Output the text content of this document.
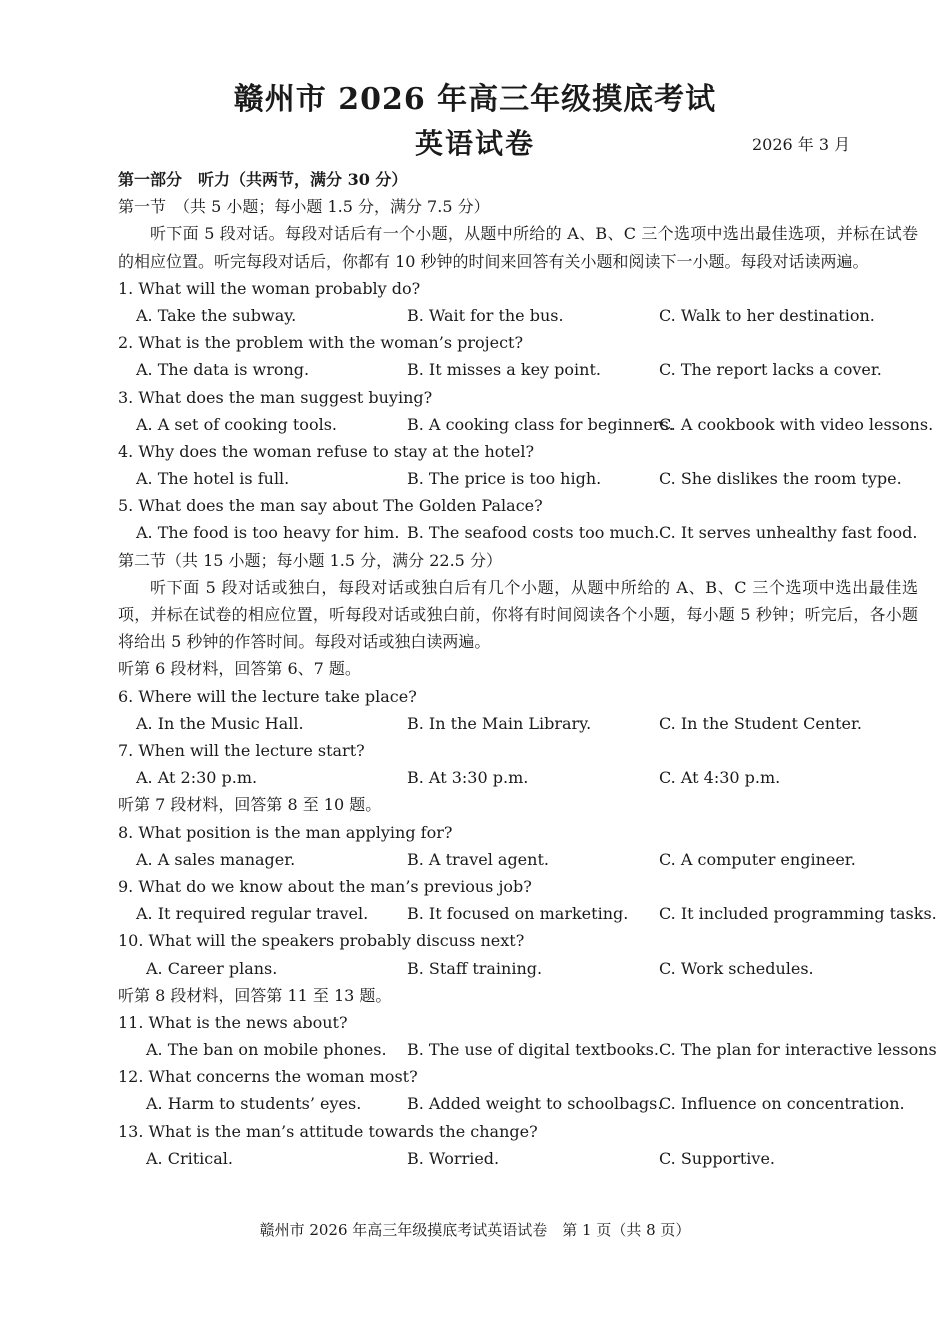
赣州市 2026 年高三年级摸底考试
英语试卷	2026 年 3 月
第一部分　听力（共两节，满分 30 分）
第一节　（共 5 小题；每小题 1.5 分，满分 7.5 分）
听下面 5 段对话。每段对话后有一个小题，从题中所给的 A、B、C 三个选项中选出最佳选项，并标在试卷的相应位置。听完每段对话后，你都有 10 秒钟的时间来回答有关小题和阅读下一小题。每段对话读两遍。
1. What will the woman probably do?
A. Take the subway.	B. Wait for the bus.	C. Walk to her destination.
2. What is the problem with the woman’s project?
A. The data is wrong.	B. It misses a key point.	C. The report lacks a cover.
3. What does the man suggest buying?
A. A set of cooking tools.	B. A cooking class for beginners.
C. A cookbook with video lessons.
4. Why does the woman refuse to stay at the hotel?
A. The hotel is full.	B. The price is too high.	C. She dislikes the room type.
5. What does the man say about The Golden Palace?
A. The food is too heavy for him. B. The seafood costs too much. C. It serves unhealthy fast food.
第二节（共 15 小题；每小题 1.5 分，满分 22.5 分）
听下面 5 段对话或独白，每段对话或独白后有几个小题，从题中所给的 A、B、C 三个选项中选出最佳选项，并标在试卷的相应位置，听每段对话或独白前，你将有时间阅读各个小题，每小题 5 秒钟；听完后，各小题将给出 5 秒钟的作答时间。每段对话或独白读两遍。
听第 6 段材料，回答第 6、7 题。
6. Where will the lecture take place?
A. In the Music Hall.	B. In the Main Library.	C. In the Student Center.
7. When will the lecture start?
A. At 2:30 p.m.	B. At 3:30 p.m.	C. At 4:30 p.m.
听第 7 段材料，回答第 8 至 10 题。
8. What position is the man applying for?
A. A sales manager.	B. A travel agent.	C. A computer engineer.
9. What do we know about the man’s previous job?
A. It required regular travel. B. It focused on marketing. C. It included programming tasks.
10. What will the speakers probably discuss next?
A. Career plans.	B. Staff training.	C. Work schedules.
听第 8 段材料，回答第 11 至 13 题。
11. What is the news about?
A. The ban on mobile phones. B. The use of digital textbooks. C. The plan for interactive lessons
12. What concerns the woman most?
A. Harm to students’ eyes.	B. Added weight to schoolbags.
C. Influence on concentration.
13. What is the man’s attitude towards the change?
A. Critical.	B. Worried.	C. Supportive.
赣州市 2026 年高三年级摸底考试英语试卷　第 1 页（共 8 页）
